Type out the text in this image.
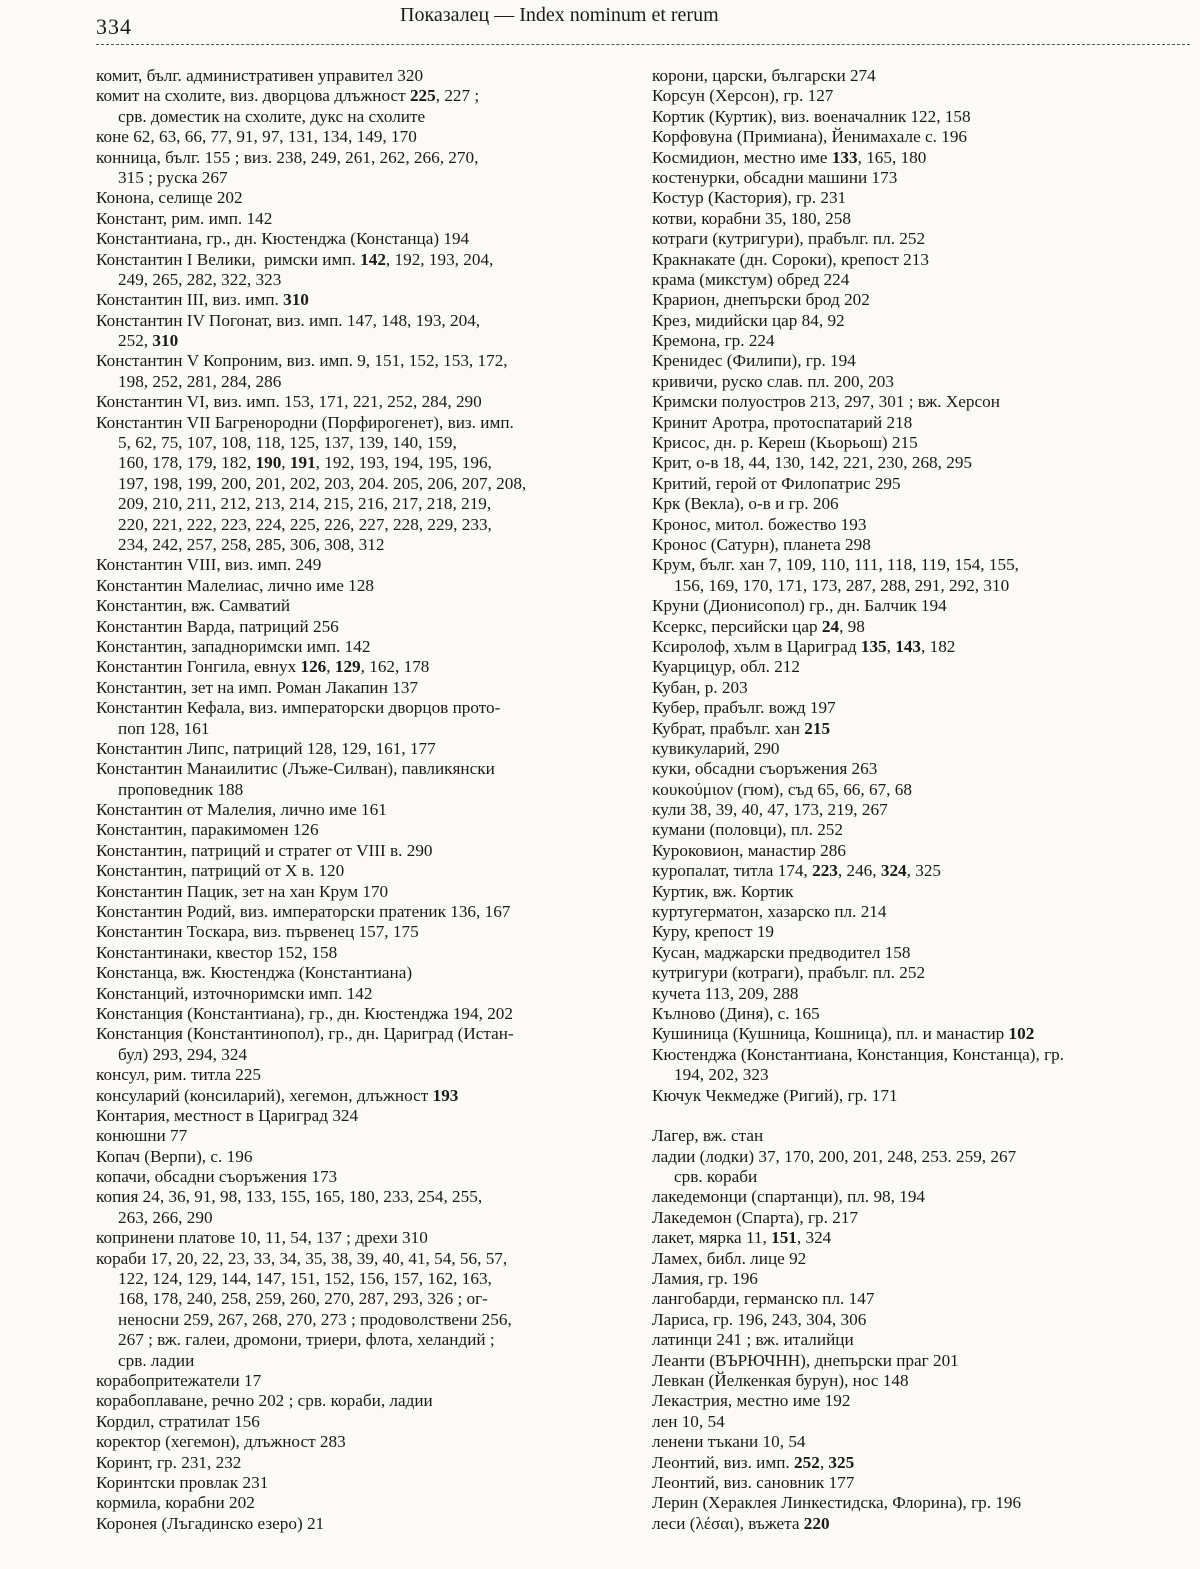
334	Показалец — Index nominum et rerum
комит, бълг. административен управител 320
комит на схолите, виз. дворцова длъжност 225, 227 ;
срв. доместик на схолите, дукс на схолите
коне 62, 63, 66, 77, 91, 97, 131, 134, 149, 170
конница, бълг. 155 ; виз. 238, 249, 261, 262, 266, 270,
315 ; руска 267
Конона, селище 202
Констант, рим. имп. 142
Константиана, гр., дн. Кюстенджа (Констанца) 194
Константин I Велики,  римски имп. 142, 192, 193, 204,
249, 265, 282, 322, 323
Константин III, виз. имп. 310
Константин IV Погонат, виз. имп. 147, 148, 193, 204,
252, 310
Константин V Копроним, виз. имп. 9, 151, 152, 153, 172,
198, 252, 281, 284, 286
Константин VI, виз. имп. 153, 171, 221, 252, 284, 290
Константин VII Багренородни (Порфирогенет), виз. имп.
5, 62, 75, 107, 108, 118, 125, 137, 139, 140, 159,
160, 178, 179, 182, 190, 191, 192, 193, 194, 195, 196,
197, 198, 199, 200, 201, 202, 203, 204. 205, 206, 207, 208,
209, 210, 211, 212, 213, 214, 215, 216, 217, 218, 219,
220, 221, 222, 223, 224, 225, 226, 227, 228, 229, 233,
234, 242, 257, 258, 285, 306, 308, 312
Константин VIII, виз. имп. 249
Константин Малелиас, лично име 128
Константин, вж. Самватий
Константин Варда, патриций 256
Константин, западноримски имп. 142
Константин Гонгила, евнух 126, 129, 162, 178
Константин, зет на имп. Роман Лакапин 137
Константин Кефала, виз. императорски дворцов прото-
поп 128, 161
Константин Липс, патриций 128, 129, 161, 177
Константин Манаилитис (Лъже-Силван), павликянски
проповедник 188
Константин от Малелия, лично име 161
Константин, паракимомен 126
Константин, патриций и стратег от VIII в. 290
Константин, патриций от X в. 120
Константин Пацик, зет на хан Крум 170
Константин Родий, виз. императорски пратеник 136, 167
Константин Тоскара, виз. първенец 157, 175
Константинаки, квестор 152, 158
Констанца, вж. Кюстенджа (Константиана)
Констанций, източноримски имп. 142
Констанция (Константиана), гр., дн. Кюстенджа 194, 202
Констанция (Константинопол), гр., дн. Цариград (Истан-
бул) 293, 294, 324
консул, рим. титла 225
консуларий (консиларий), хегемон, длъжност 193
Контария, местност в Цариград 324
конюшни 77
Копач (Верпи), с. 196
копачи, обсадни съоръжения 173
копия 24, 36, 91, 98, 133, 155, 165, 180, 233, 254, 255,
263, 266, 290
копринени платове 10, 11, 54, 137 ; дрехи 310
кораби 17, 20, 22, 23, 33, 34, 35, 38, 39, 40, 41, 54, 56, 57,
122, 124, 129, 144, 147, 151, 152, 156, 157, 162, 163,
168, 178, 240, 258, 259, 260, 270, 287, 293, 326 ; ог-
неносни 259, 267, 268, 270, 273 ; продоволствени 256,
267 ; вж. галеи, дромони, триери, флота, хеландий ;
срв. ладии
корабопритежатели 17
корабоплаване, речно 202 ; срв. кораби, ладии
Кордил, стратилат 156
коректор (хегемон), длъжност 283
Коринт, гр. 231, 232
Коринтски провлак 231
кормила, корабни 202
Коронея (Лъгадинско езеро) 21
корони, царски, български 274
Корсун (Херсон), гр. 127
Кортик (Куртик), виз. военачалник 122, 158
Корфовуна (Примиана), Йенимахале с. 196
Космидион, местно име 133, 165, 180
костенурки, обсадни машини 173
Костур (Кастория), гр. 231
котви, корабни 35, 180, 258
котраги (кутригури), прабълг. пл. 252
Кракнакате (дн. Сороки), крепост 213
крама (микстум) обред 224
Крарион, днепърски брод 202
Крез, мидийски цар 84, 92
Кремона, гр. 224
Кренидес (Филипи), гр. 194
кривичи, руско слав. пл. 200, 203
Кримски полуостров 213, 297, 301 ; вж. Херсон
Кринит Аротра, протоспатарий 218
Крисос, дн. р. Кереш (Кьорьош) 215
Крит, о-в 18, 44, 130, 142, 221, 230, 268, 295
Критий, герой от Филопатрис 295
Крк (Векла), о-в и гр. 206
Кронос, митол. божество 193
Кронос (Сатурн), планета 298
Крум, бълг. хан 7, 109, 110, 111, 118, 119, 154, 155,
156, 169, 170, 171, 173, 287, 288, 291, 292, 310
Круни (Дионисопол) гр., дн. Балчик 194
Ксеркс, персийски цар 24, 98
Ксиролоф, хълм в Цариград 135, 143, 182
Куарцицур, обл. 212
Кубан, р. 203
Кубер, прабълг. вожд 197
Кубрат, прабълг. хан 215
кувикуларий, 290
куки, обсадни съоръжения 263
κουκούμιον (гюм), съд 65, 66, 67, 68
кули 38, 39, 40, 47, 173, 219, 267
кумани (половци), пл. 252
Куроковион, манастир 286
куропалат, титла 174, 223, 246, 324, 325
Куртик, вж. Кортик
куртугерматон, хазарско пл. 214
Куру, крепост 19
Кусан, маджарски предводител 158
кутригури (котраги), прабълг. пл. 252
кучета 113, 209, 288
Кълново (Диня), с. 165
Кушиница (Кушница, Кошница), пл. и манастир 102
Кюстенджа (Константиана, Констанция, Констанца), гр.
194, 202, 323
Кючук Чекмедже (Ригий), гр. 171
Лагер, вж. стан
ладии (лодки) 37, 170, 200, 201, 248, 253. 259, 267
срв. кораби
лакедемонци (спартанци), пл. 98, 194
Лакедемон (Спарта), гр. 217
лакет, мярка 11, 151, 324
Ламех, библ. лице 92
Ламия, гр. 196
лангобарди, германско пл. 147
Лариса, гр. 196, 243, 304, 306
латинци 241 ; вж. италийци
Леанти (ВЪРЮЧНН), днепърски праг 201
Левкан (Йелкенкая бурун), нос 148
Лекастрия, местно име 192
лен 10, 54
ленени тъкани 10, 54
Леонтий, виз. имп. 252, 325
Леонтий, виз. сановник 177
Лерин (Хераклея Линкестидска, Флорина), гр. 196
леси (λέσαι), въжета 220
